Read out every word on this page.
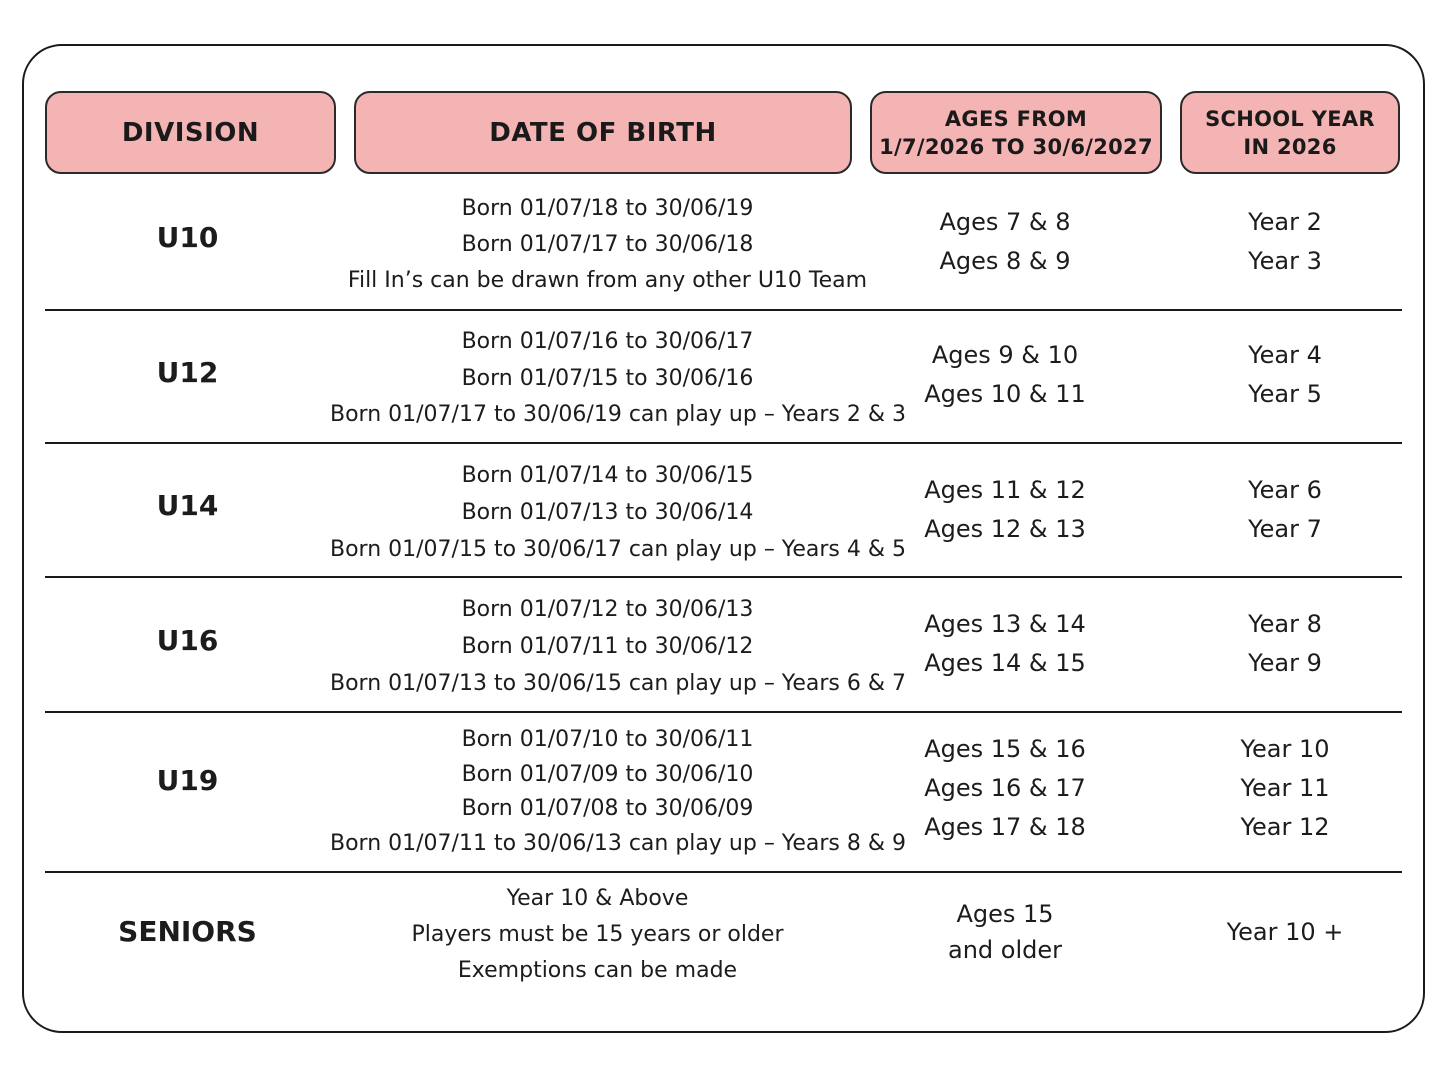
DIVISION	DATE OF BIRTH	AGES FROM
1/7/2026 TO 30/6/2027
SCHOOL YEAR
IN 2026
U10
Born 01/07/18 to 30/06/19
Born 01/07/17 to 30/06/18
Fill In’s can be drawn from any other U10 Team
Ages 7 & 8
Ages 8 & 9
Year 2
Year 3
U12
Born 01/07/16 to 30/06/17
Born 01/07/15 to 30/06/16
Born 01/07/17 to 30/06/19 can play up – Years 2 & 3
Ages 9 & 10
Ages 10 & 11
Year 4
Year 5
U14
Born 01/07/14 to 30/06/15
Born 01/07/13 to 30/06/14
Born 01/07/15 to 30/06/17 can play up – Years 4 & 5
Ages 11 & 12
Ages 12 & 13
Year 6
Year 7
U16
Born 01/07/12 to 30/06/13
Born 01/07/11 to 30/06/12
Born 01/07/13 to 30/06/15 can play up – Years 6 & 7
Ages 13 & 14
Ages 14 & 15
Year 8
Year 9
U19
Born 01/07/10 to 30/06/11
Born 01/07/09 to 30/06/10
Born 01/07/08 to 30/06/09
Born 01/07/11 to 30/06/13 can play up – Years 8 & 9
Ages 15 & 16
Ages 16 & 17
Ages 17 & 18
Year 10
Year 11
Year 12
SENIORS
Year 10 & Above
Players must be 15 years or older
Exemptions can be made
Ages 15
and older
Year 10 +
